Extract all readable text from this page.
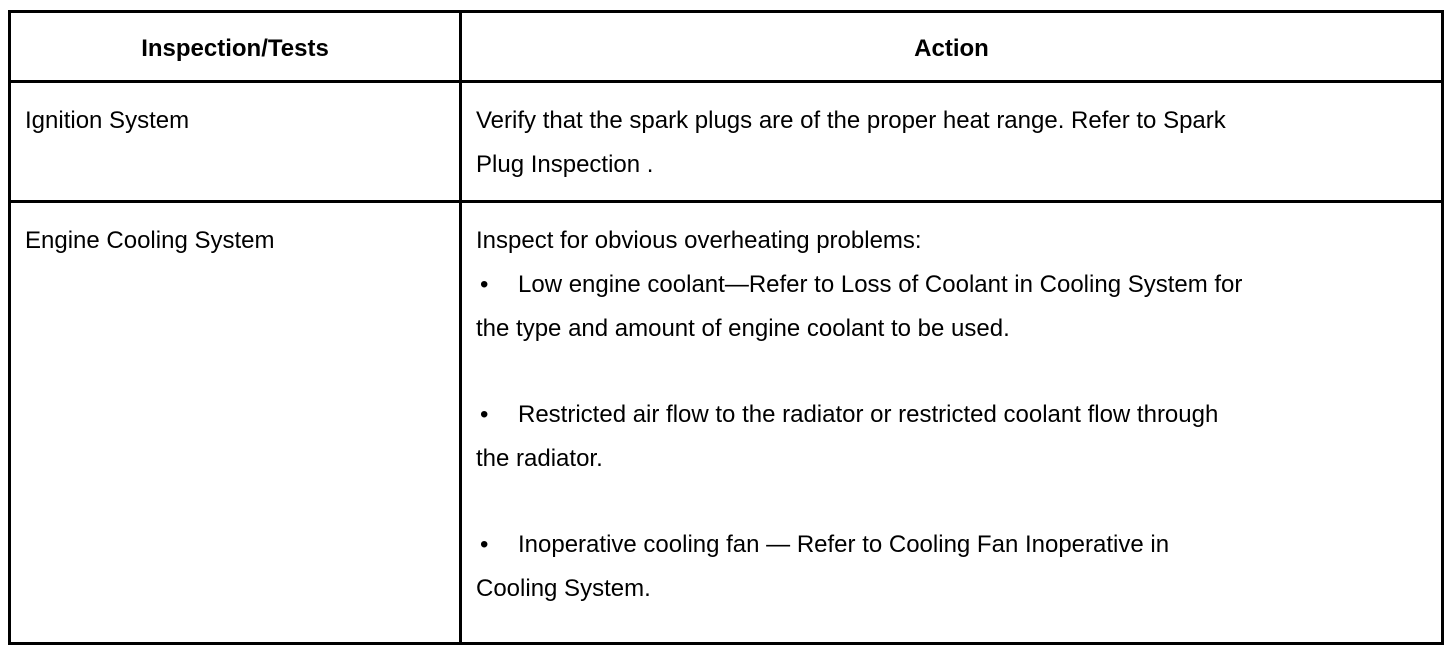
Inspection/Tests	Action
Ignition System	Verify that the spark plugs are of the proper heat range. Refer to Spark

Plug Inspection .

Engine Cooling System	Inspect for obvious overheating problems:

•	Low engine coolant—Refer to Loss of Coolant in Cooling System for

the type and amount of engine coolant to be used.

•	Restricted air flow to the radiator or restricted coolant flow through

the radiator.

•	Inoperative cooling fan — Refer to Cooling Fan Inoperative in

Cooling System.
